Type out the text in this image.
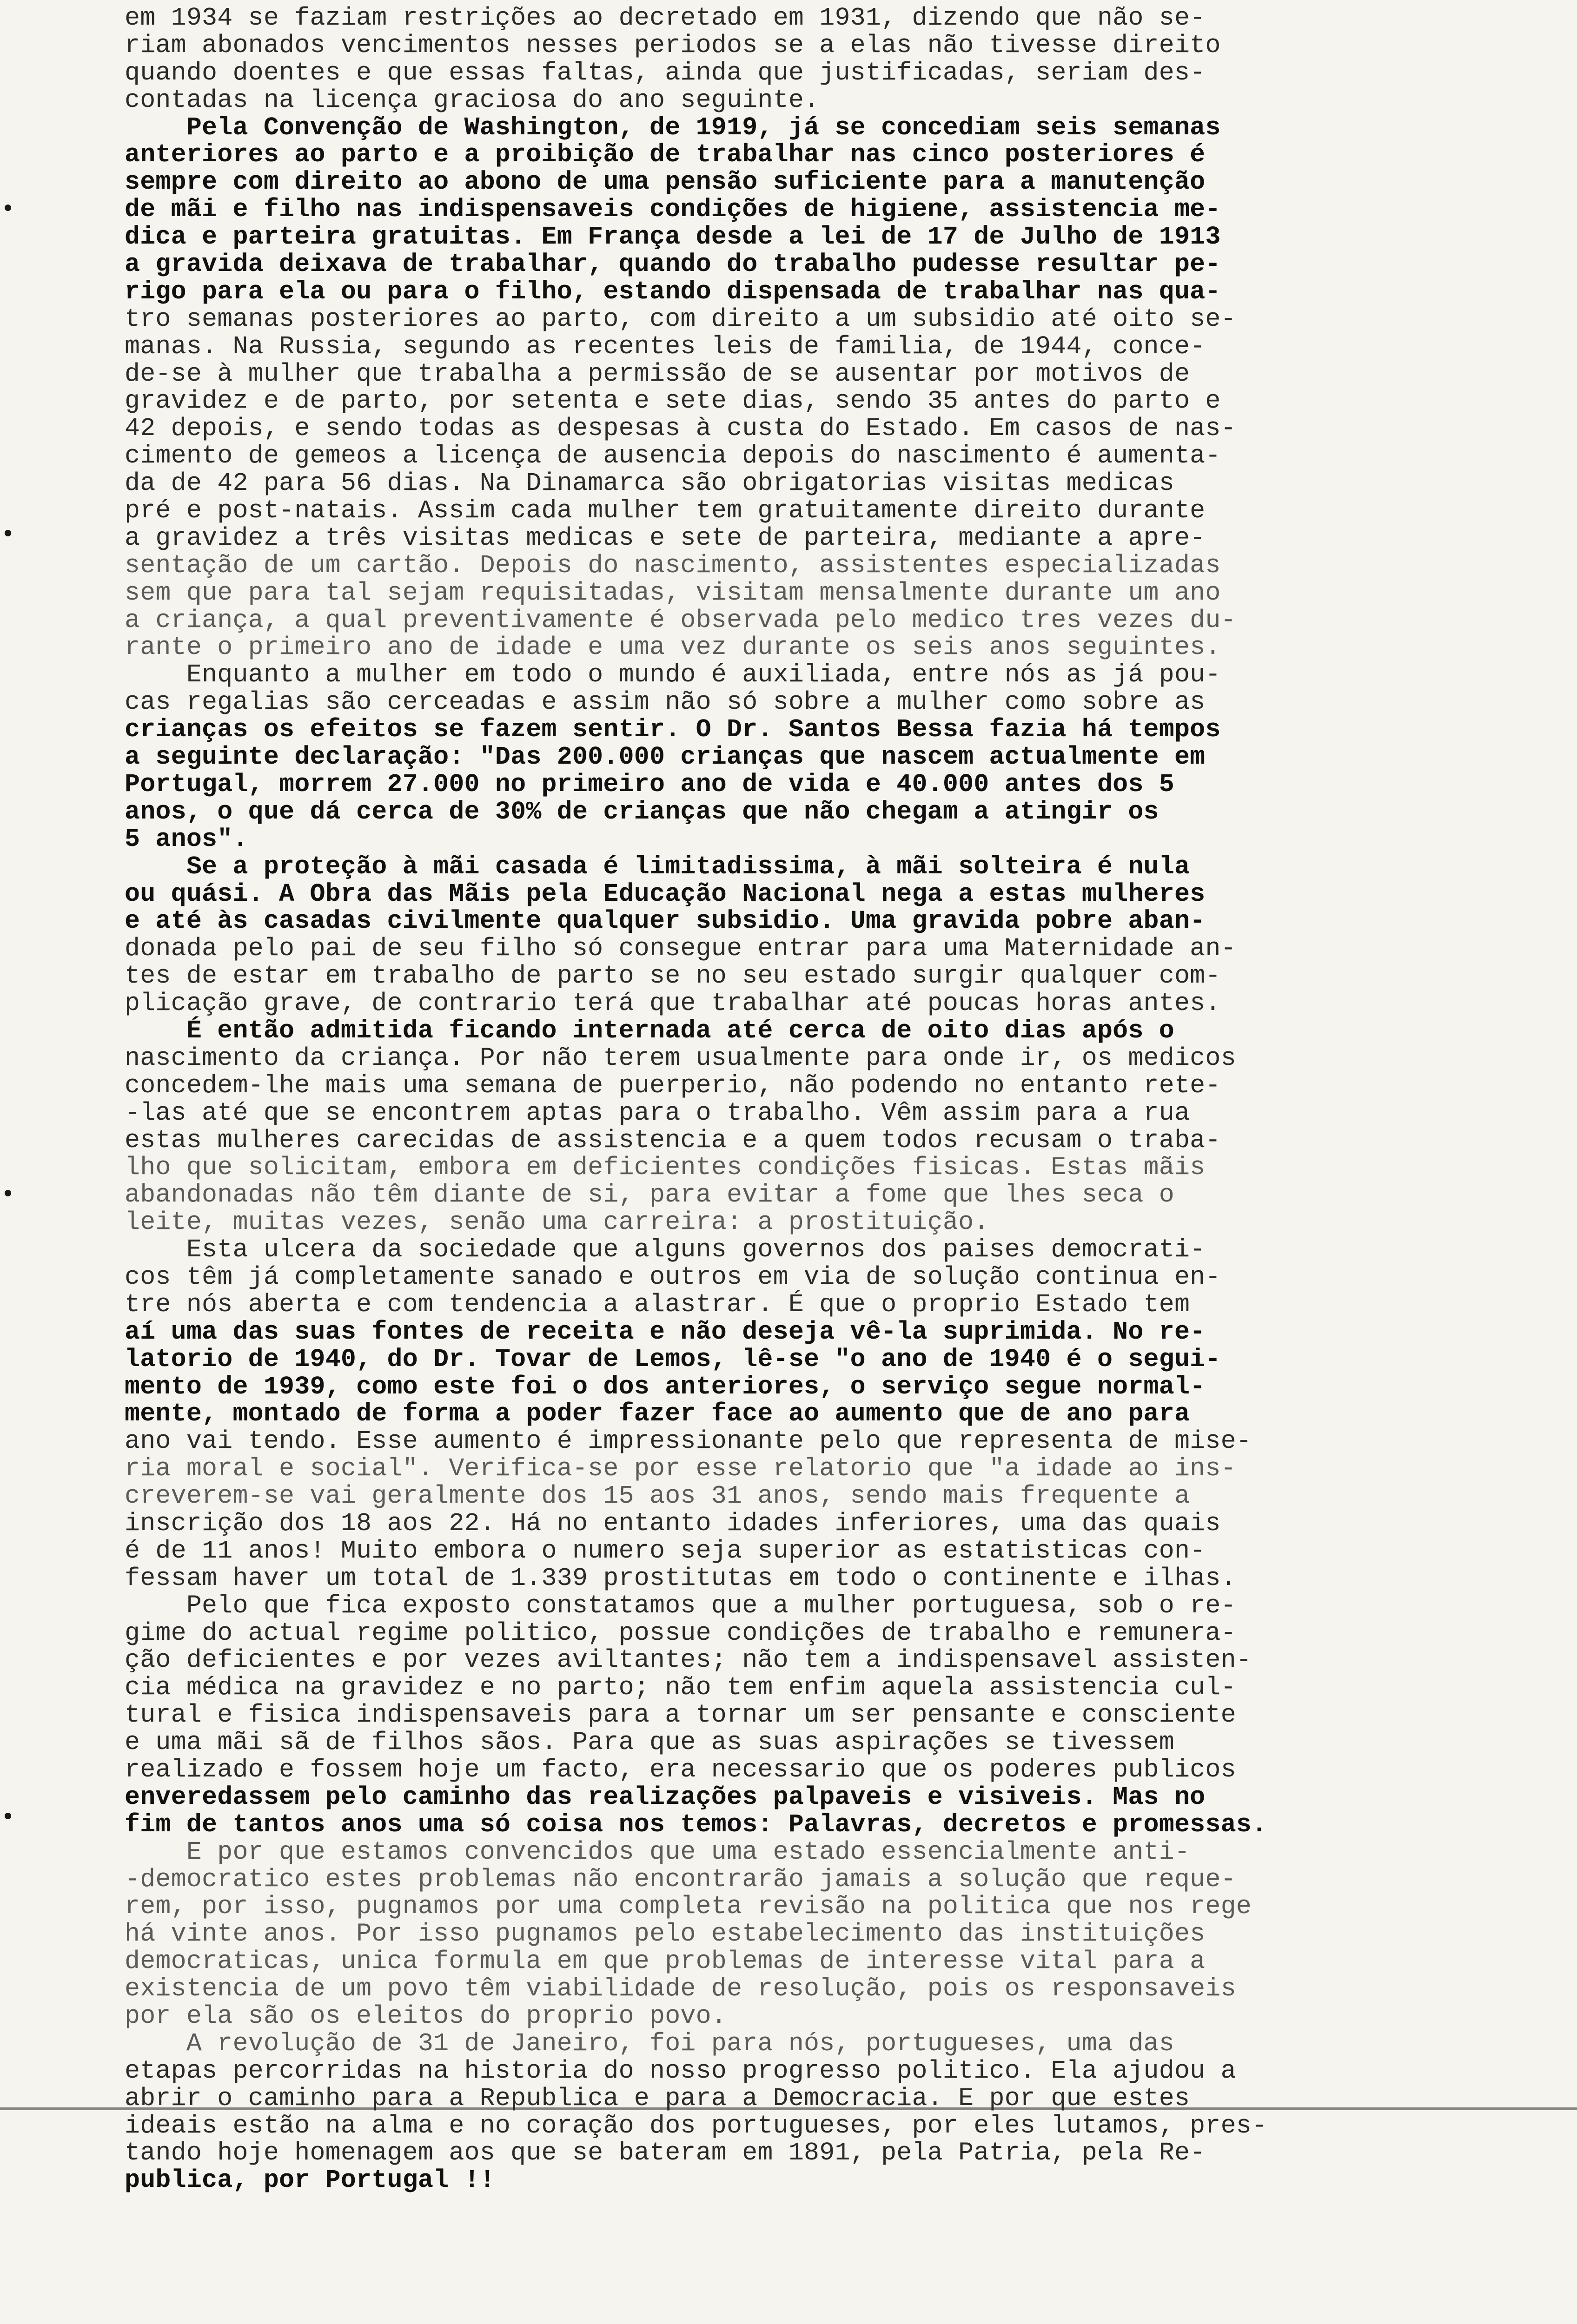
em 1934 se faziam restrições ao decretado em 1931, dizendo que não se-
riam abonados vencimentos nesses periodos se a elas não tivesse direito
quando doentes e que essas faltas, ainda que justificadas, seriam des-
contadas na licença graciosa do ano seguinte.
Pela Convenção de Washington, de 1919, já se concediam seis semanas
anteriores ao parto e a proibição de trabalhar nas cinco posteriores é
sempre com direito ao abono de uma pensão suficiente para a manutenção
de mãi e filho nas indispensaveis condições de higiene, assistencia me-
dica e parteira gratuitas. Em França desde a lei de 17 de Julho de 1913
a gravida deixava de trabalhar, quando do trabalho pudesse resultar pe-
rigo para ela ou para o filho, estando dispensada de trabalhar nas qua-
tro semanas posteriores ao parto, com direito a um subsidio até oito se-
manas. Na Russia, segundo as recentes leis de familia, de 1944, conce-
de-se à mulher que trabalha a permissão de se ausentar por motivos de
gravidez e de parto, por setenta e sete dias, sendo 35 antes do parto e
42 depois, e sendo todas as despesas à custa do Estado. Em casos de nas-
cimento de gemeos a licença de ausencia depois do nascimento é aumenta-
da de 42 para 56 dias. Na Dinamarca são obrigatorias visitas medicas
pré e post-natais. Assim cada mulher tem gratuitamente direito durante
a gravidez a três visitas medicas e sete de parteira, mediante a apre-
sentação de um cartão. Depois do nascimento, assistentes especializadas
sem que para tal sejam requisitadas, visitam mensalmente durante um ano
a criança, a qual preventivamente é observada pelo medico tres vezes du-
rante o primeiro ano de idade e uma vez durante os seis anos seguintes.
Enquanto a mulher em todo o mundo é auxiliada, entre nós as já pou-
cas regalias são cerceadas e assim não só sobre a mulher como sobre as
crianças os efeitos se fazem sentir. O Dr. Santos Bessa fazia há tempos
a seguinte declaração: "Das 200.000 crianças que nascem actualmente em
Portugal, morrem 27.000 no primeiro ano de vida e 40.000 antes dos 5
anos, o que dá cerca de 30% de crianças que não chegam a atingir os
5 anos".
Se a proteção à mãi casada é limitadissima, à mãi solteira é nula
ou quási. A Obra das Mãis pela Educação Nacional nega a estas mulheres
e até às casadas civilmente qualquer subsidio. Uma gravida pobre aban-
donada pelo pai de seu filho só consegue entrar para uma Maternidade an-
tes de estar em trabalho de parto se no seu estado surgir qualquer com-
plicação grave, de contrario terá que trabalhar até poucas horas antes.
É então admitida ficando internada até cerca de oito dias após o
nascimento da criança. Por não terem usualmente para onde ir, os medicos
concedem-lhe mais uma semana de puerperio, não podendo no entanto rete-
-las até que se encontrem aptas para o trabalho. Vêm assim para a rua
estas mulheres carecidas de assistencia e a quem todos recusam o traba-
lho que solicitam, embora em deficientes condições fisicas. Estas mãis
abandonadas não têm diante de si, para evitar a fome que lhes seca o
leite, muitas vezes, senão uma carreira: a prostituição.
Esta ulcera da sociedade que alguns governos dos paises democrati-
cos têm já completamente sanado e outros em via de solução continua en-
tre nós aberta e com tendencia a alastrar. É que o proprio Estado tem
aí uma das suas fontes de receita e não deseja vê-la suprimida. No re-
latorio de 1940, do Dr. Tovar de Lemos, lê-se "o ano de 1940 é o segui-
mento de 1939, como este foi o dos anteriores, o serviço segue normal-
mente, montado de forma a poder fazer face ao aumento que de ano para
ano vai tendo. Esse aumento é impressionante pelo que representa de mise-
ria moral e social". Verifica-se por esse relatorio que "a idade ao ins-
creverem-se vai geralmente dos 15 aos 31 anos, sendo mais frequente a
inscrição dos 18 aos 22. Há no entanto idades inferiores, uma das quais
é de 11 anos! Muito embora o numero seja superior as estatisticas con-
fessam haver um total de 1.339 prostitutas em todo o continente e ilhas.
Pelo que fica exposto constatamos que a mulher portuguesa, sob o re-
gime do actual regime politico, possue condições de trabalho e remunera-
ção deficientes e por vezes aviltantes; não tem a indispensavel assisten-
cia médica na gravidez e no parto; não tem enfim aquela assistencia cul-
tural e fisica indispensaveis para a tornar um ser pensante e consciente
e uma mãi sã de filhos sãos. Para que as suas aspirações se tivessem
realizado e fossem hoje um facto, era necessario que os poderes publicos
enveredassem pelo caminho das realizações palpaveis e visiveis. Mas no
fim de tantos anos uma só coisa nos temos: Palavras, decretos e promessas.
E por que estamos convencidos que uma estado essencialmente anti-
-democratico estes problemas não encontrarão jamais a solução que reque-
rem, por isso, pugnamos por uma completa revisão na politica que nos rege
há vinte anos. Por isso pugnamos pelo estabelecimento das instituições
democraticas, unica formula em que problemas de interesse vital para a
existencia de um povo têm viabilidade de resolução, pois os responsaveis
por ela são os eleitos do proprio povo.
A revolução de 31 de Janeiro, foi para nós, portugueses, uma das
etapas percorridas na historia do nosso progresso politico. Ela ajudou a
abrir o caminho para a Republica e para a Democracia. E por que estes
ideais estão na alma e no coração dos portugueses, por eles lutamos, pres-
tando hoje homenagem aos que se bateram em 1891, pela Patria, pela Re-
publica, por Portugal !!
